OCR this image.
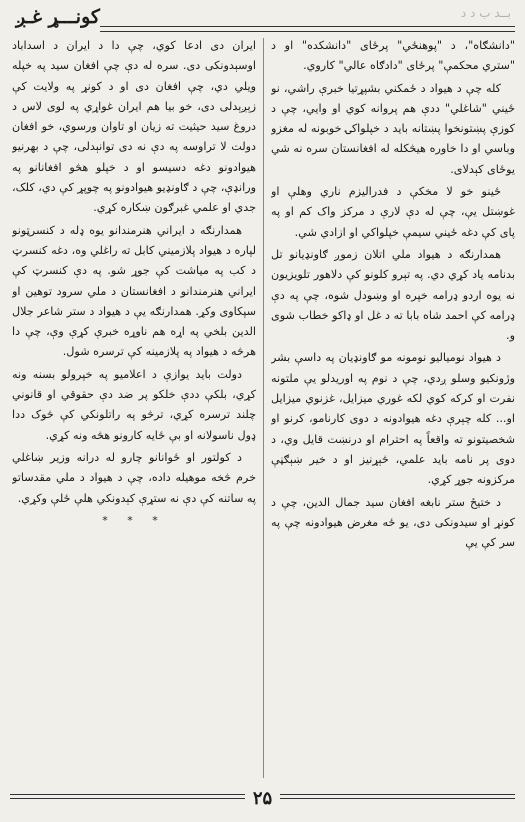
كونـــړ غـږ	بــد ب د د

"دانشګاه"، د "پوهنځي" پرځای "دانشکده" او د "ستري محکمې" پرځای "دادګاه عالي" کاروي.

کله چې د هیواد د ځمکني بشپړتیا خبرې راشي، نو ځیني "شاغلي" ددې هم پروانه کوي او وايي، چې د کوزې پښتونخوا پښتانه باید د خپلواکۍ خوبونه له مغزو وباسي او دا خاوره هیڅکله له افغانستان سره نه شي یوځای کېدلای.

ځینو خو لا مخکې د فدرالیزم ناري وهلې او غوښتل یې، چې له دې لارې د مرکز واک کم او په پای کې دغه ځیني سیمې خپلواکي او ازادي شي.

همدارنګه د هیواد ملي اتلان زموږ ګاونډیانو تل بدنامه یاد کړي دي. په تېرو کلونو کې دلاهور تلویزیون نه یوه اردو ډرامه خپره او وښودل شوه، چې په دې ډرامه کې احمد شاه بابا ته د غل او ډاکو خطاب شوی و.

د هیواد نومیالیو نومونه مو ګاونډیان په داسې بشر وژونکیو وسلو ږدي، چې د نوم په اوریدلو یې ملتونه نفرت او کرکه کوي لکه غوري میزایل، غزنوي میزایل او... کله چېرې دغه هیوادونه د دوی کارنامو، کرنو او شخصیتونو ته واقعاً په احترام او درنښت قایل وي، د دوی پر نامه باید علمي، څېړنیز او د خیر ښېګڼې مرکزونه جوړ کړي.

د ختیځ ستر نابغه افغان سید جمال الدین، چې د کونړ او سیدونکی دی، یو ځه مغرض هیوادونه چې په سر کې یې

ایران دی ادعا کوي، چې دا د ایران د اسداباد اوسېدونکی دی. سره له دې چې افغان سید په خپله ویلي دي، چې افغان دی او د کونړ په ولایت کې زېږېدلی دی، خو بیا هم ایران غواړي په لوی لاس د دروغ سید حیثیت ته زیان او تاوان ورسوي، خو افغان دولت لا تراوسه په دې نه دی توانېدلی، چې د بهرنیو هیوادونو دغه دسیسو او د خپلو هڅو افغانانو په ورانډې، چې د ګاونډیو هیوادونو په چوپړ کې دي، کلک، جدي او علمي غبرګون ښکاره کړي.

همدارنګه د ایراني هنرمندانو یوه ډله د کنسرټونو لپاره د هیواد پلازمیني کابل ته راغلي وه، دغه کنسرټ د کب په میاشت کې جوړ شو. په دې کنسرټ کې ایراني هنرمندانو د افغانستان د ملي سرود توهین او سپکاوی وکړ. همدارنګه یې د هیواد د ستر شاعر جلال الدین بلخي په اړه هم ناوړه خبرې کړې وې، چې دا هرڅه د هیواد په پلازمینه کې ترسره شول.

دولت باید یوازې د اعلامیو په خپرولو بسنه ونه کړي، بلکې ددې خلکو پر ضد دې حقوقي او قانوني چلند ترسره کړي، ترڅو په راتلونکي کې څوک ددا ډول ناسولانه او بې ځایه کارونو هڅه ونه کړي.

د کولتور او ځوانانو چارو له درانه وزیر ښاغلي خرم څخه موهیله داده، چې د هیواد د ملي مقدساتو په ساتنه کې دې نه ستړې کېدونکي هلې ځلې وکړي.

* * *

۲۵
